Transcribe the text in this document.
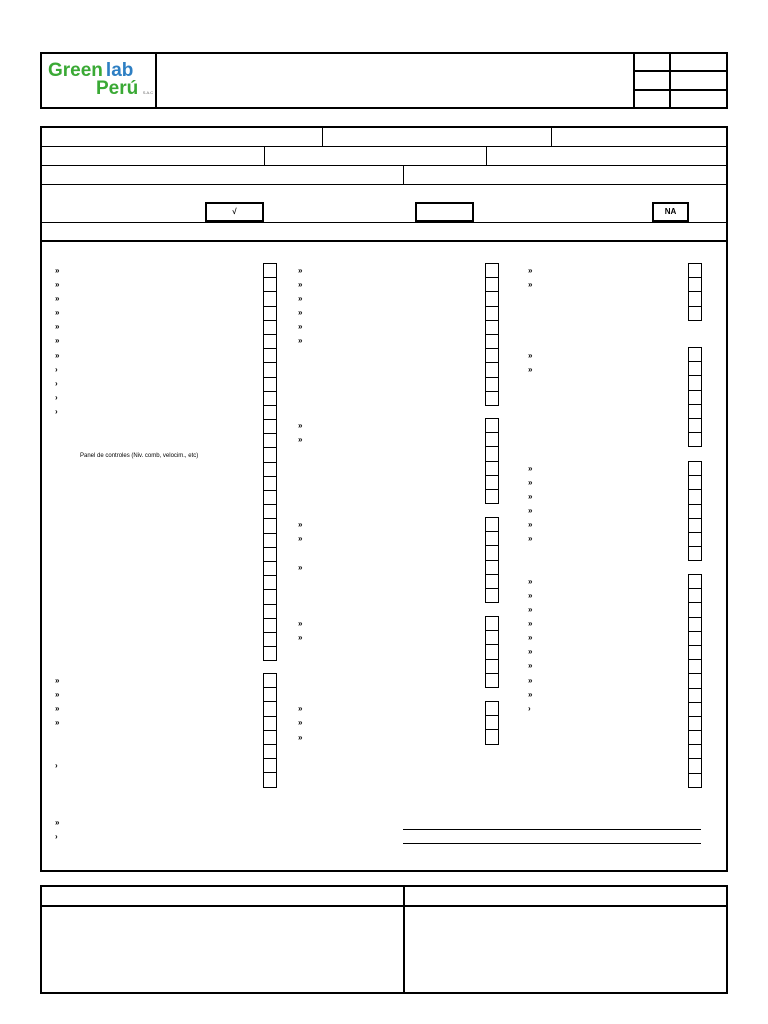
Green lab
Perú S.A.C
√	NA
»
»
»
»
»
»
»
›
›
›
›
Panel de controles (Niv. comb, velocim., etc)
»
»
»
»
›
»
›
»
»
»
»
»
»
»
»
»
»
»
»
»
»
»
»
»
»
»
»
»
»
»
»
»
»
»
»
»
»
»
»
»
»
»
›
